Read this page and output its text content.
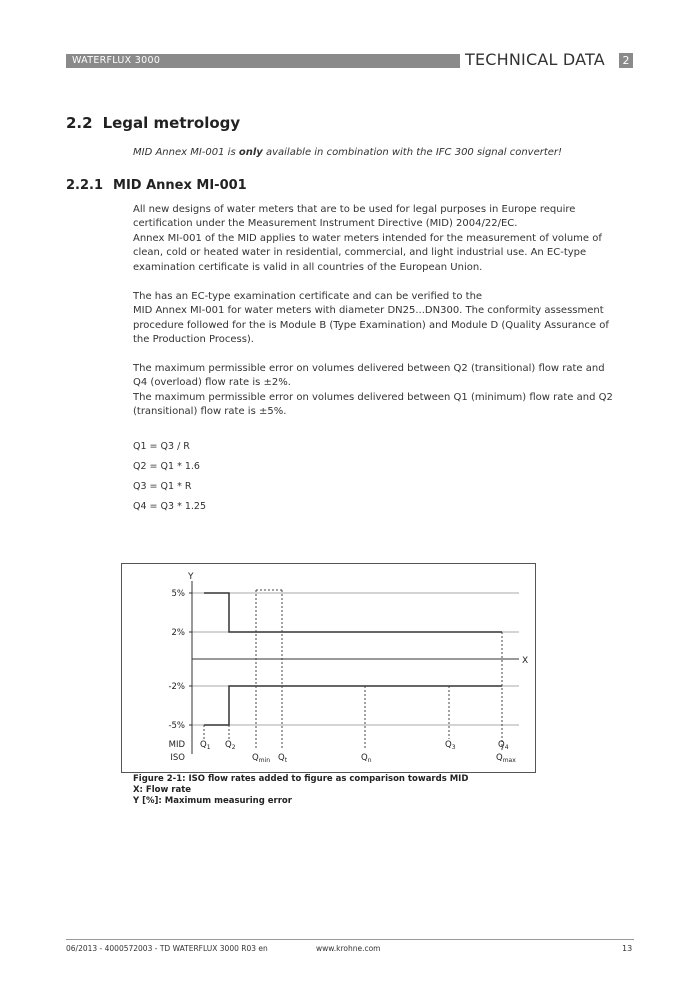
WATERFLUX 3000	TECHNICAL DATA	2
2.2 Legal metrology
MID Annex MI-001 is only available in combination with the IFC 300 signal converter!
2.2.1 MID Annex MI-001
All new designs of water meters that are to be used for legal purposes in Europe require
certification under the Measurement Instrument Directive (MID) 2004/22/EC.
Annex MI-001 of the MID applies to water meters intended for the measurement of volume of
clean, cold or heated water in residential, commercial, and light industrial use. An EC-type
examination certificate is valid in all countries of the European Union.
The has an EC-type examination certificate and can be verified to the
MID Annex MI-001 for water meters with diameter DN25...DN300. The conformity assessment
procedure followed for the is Module B (Type Examination) and Module D (Quality Assurance of
the Production Process).
The maximum permissible error on volumes delivered between Q2 (transitional) flow rate and
Q4 (overload) flow rate is ±2%.
The maximum permissible error on volumes delivered between Q1 (minimum) flow rate and Q2
(transitional) flow rate is ±5%.
Q1 = Q3 / R
Q2 = Q1 * 1.6
Q3 = Q1 * R
Q4 = Q3 * 1.25
Y
X
5%
2%
-2%
-5%
MID
ISO
$Q_1$ $Q_2$	$Q_3$	$Q_4$
$Q_{min}$ $Q_t$	$Q_n$	$Q_{max}$
Figure 2-1: ISO flow rates added to figure as comparison towards MID
X: Flow rate
Y [%]: Maximum measuring error
06/2013 - 4000572003 - TD WATERFLUX 3000 R03 en	www.krohne.com	13
